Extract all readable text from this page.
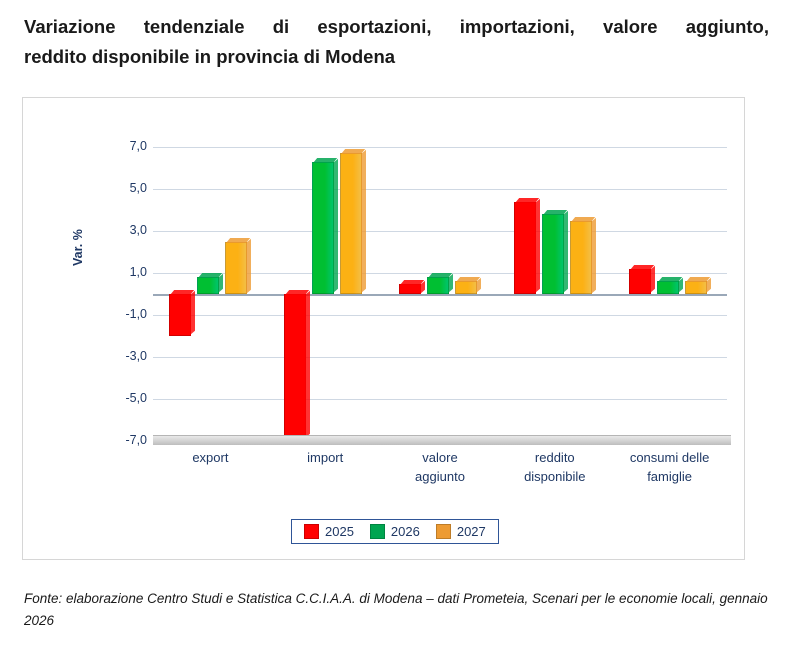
Variazione tendenziale di esportazioni, importazioni, valore aggiunto,
reddito disponibile in provincia di Modena
Var. %
7,0
5,0
3,0
1,0
-1,0
-3,0
-5,0
-7,0
export	import	valore
aggiunto
reddito
disponibile
consumi delle
famiglie
2025	2026	2027
Fonte: elaborazione Centro Studi e Statistica C.C.I.A.A. di Modena – dati Prometeia, Scenari per le economie locali, gennaio 2026
